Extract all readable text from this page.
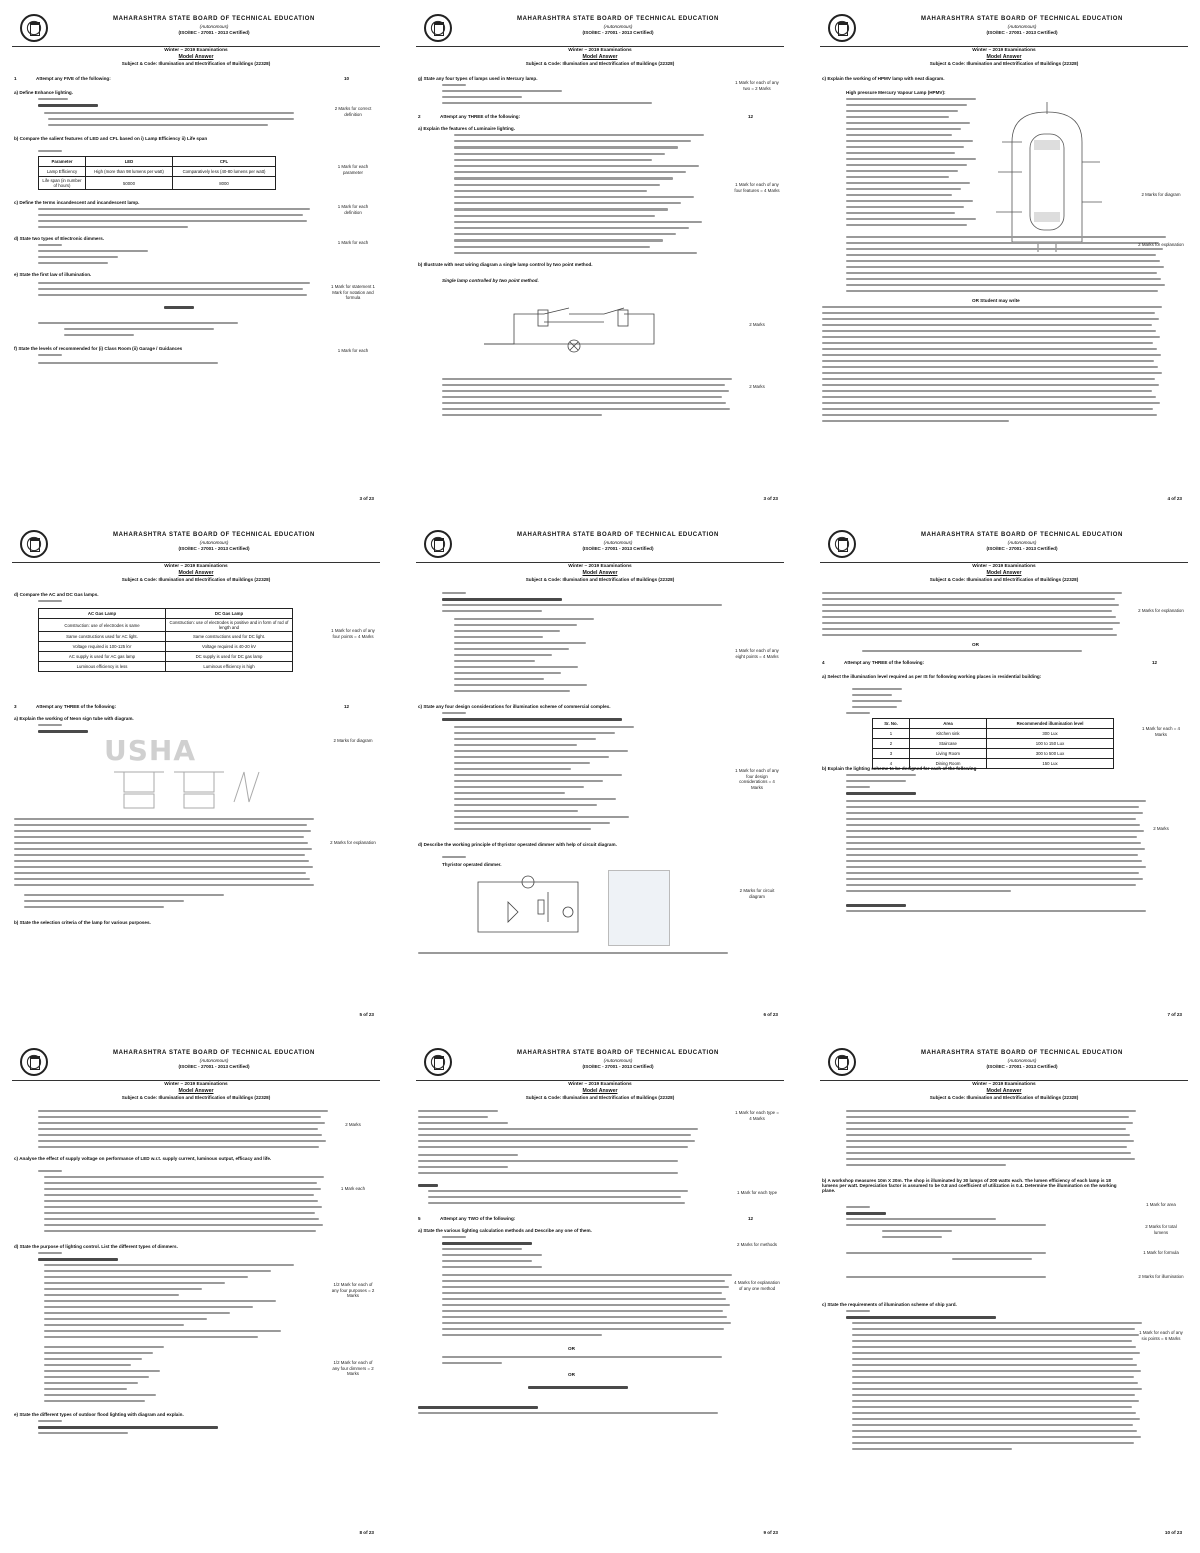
MAHARASHTRA STATE BOARD OF TECHNICAL EDUCATION
(Autonomous)
(ISO/IEC - 27001 - 2013 Certified)
Winter – 2019 Examinations
Model Answer
Subject & Code: Illumination and Electrification of Buildings (22328)
1	Attempt any FIVE of the following:	10
a) Define Enhance lighting.
2 Marks for correct definition
b) Compare the salient features of LED and CFL based on i) Lamp Efficiency ii) Life span
Parameter	LED	CFL
Lamp Efficiency	High (more than 98 lumens per watt)	Comparatively less (40-80 lumens per watt)
Life span (in number of hours)	50000	8000
1 Mark for each parameter
c) Define the terms incandescent and incandescent lamp.
1 Mark for each definition
d) State two types of Electronic dimmers.
1 Mark for each
e) State the first law of illumination.
1 Mark for statement 1 Mark for notation and formula
f) State the levels of recommended for (i) Class Room (ii) Garage / Guidances	1 Mark for each
3 of 23
MAHARASHTRA STATE BOARD OF TECHNICAL EDUCATION
(Autonomous)
(ISO/IEC - 27001 - 2013 Certified)
Winter – 2019 Examinations
Model Answer
Subject & Code: Illumination and Electrification of Buildings (22328)
g) State any four types of lamps used in Mercury lamp.
1 Mark for each of any two = 2 Marks
2	Attempt any THREE of the following:	12
a) Explain the features of Luminaire lighting.
1 Mark for each of any four features = 4 Marks
b) Illustrate with neat wiring diagram a single lamp control by two point method.
Single lamp controlled by two point method.
2 Marks
2 Marks
3 of 23
MAHARASHTRA STATE BOARD OF TECHNICAL EDUCATION
(Autonomous)
(ISO/IEC - 27001 - 2013 Certified)
Winter – 2019 Examinations
Model Answer
Subject & Code: Illumination and Electrification of Buildings (22328)
c) Explain the working of HPMV lamp with neat diagram.
High pressure Mercury Vapour Lamp (HPMV):
2 Marks for diagram
2 Marks for explanation
OR Student may write
4 of 23
MAHARASHTRA STATE BOARD OF TECHNICAL EDUCATION
(Autonomous)
(ISO/IEC - 27001 - 2013 Certified)
Winter – 2019 Examinations
Model Answer
Subject & Code: Illumination and Electrification of Buildings (22328)
d) Compare the AC and DC Gas lamps.
AC Gas Lamp	DC Gas Lamp
Construction: use of electrodes is same	Construction: use of electrodes is positive and in form of rod of length and
Same constructions used for AC light.	Same constructions used for DC light.
Voltage required is 100-125 kV	Voltage required is 40-20 kV
AC supply is used for AC gas lamp	DC supply is used for DC gas lamp
Luminous efficiency is less	Luminous efficiency is high
1 Mark for each of any four points = 4 Marks
3	Attempt any THREE of the following:	12
a) Explain the working of Neon sign tube with diagram.
USHA	2 Marks for diagram
2 Marks for explanation
b) State the selection criteria of the lamp for various purposes.
5 of 23
MAHARASHTRA STATE BOARD OF TECHNICAL EDUCATION
(Autonomous)
(ISO/IEC - 27001 - 2013 Certified)
Winter – 2019 Examinations
Model Answer
Subject & Code: Illumination and Electrification of Buildings (22328)
1 Mark for each of any eight points = 4 Marks
c) State any four design considerations for illumination scheme of commercial complex.
1 Mark for each of any four design considerations = 4 Marks
d) Describe the working principle of thyristor operated dimmer with help of circuit diagram.
Thyristor operated dimmer.
2 Marks for circuit diagram
6 of 23
MAHARASHTRA STATE BOARD OF TECHNICAL EDUCATION
(Autonomous)
(ISO/IEC - 27001 - 2013 Certified)
Winter – 2019 Examinations
Model Answer
Subject & Code: Illumination and Electrification of Buildings (22328)
2 Marks for explanation
OR
4	Attempt any THREE of the following:	12
a) Select the illumination level required as per IS for following working places in residential building:
Sr. No.	Area	Recommended illumination level
1	Kitchen sink	300 Lux
2	Staircase	100 to 150 Lux
3	Living Room	300 to 500 Lux
4	Dining Room	150 Lux
1 Mark for each = 4 Marks
b) Explain the lighting scheme to be designed for each of the following
2 Marks
7 of 23
MAHARASHTRA STATE BOARD OF TECHNICAL EDUCATION
(Autonomous)
(ISO/IEC - 27001 - 2013 Certified)
Winter – 2019 Examinations
Model Answer
Subject & Code: Illumination and Electrification of Buildings (22328)
2 Marks
c) Analyse the effect of supply voltage on performance of LED w.r.t. supply current, luminous output, efficacy and life.
1 Mark each
d) State the purpose of lighting control. List the different types of dimmers.
1/2 Mark for each of any four purposes = 2 Marks
1/2 Mark for each of any four dimmers = 2 Marks
e) State the different types of outdoor flood lighting with diagram and explain.
8 of 23
MAHARASHTRA STATE BOARD OF TECHNICAL EDUCATION
(Autonomous)
(ISO/IEC - 27001 - 2013 Certified)
Winter – 2019 Examinations
Model Answer
Subject & Code: Illumination and Electrification of Buildings (22328)
1 Mark for each type = 4 Marks
1 Mark for each type
5	Attempt any TWO of the following:	12
a) State the various lighting calculation methods and Describe any one of them.
2 Marks for methods
4 Marks for explanation of any one method
OR
OR
9 of 23
MAHARASHTRA STATE BOARD OF TECHNICAL EDUCATION
(Autonomous)
(ISO/IEC - 27001 - 2013 Certified)
Winter – 2019 Examinations
Model Answer
Subject & Code: Illumination and Electrification of Buildings (22328)
b) A workshop measures 10m X 20m. The shop is illuminated by 30 lamps of 200 watts each. The lumen efficiency of each lamp is 18 lumens per watt. Depreciation factor is assumed to be 0.8 and coefficient of utilization is 0.4. Determine the illumination on the working plane.
1 Mark for area
2 Marks for total lumens
1 Mark for formula
2 Marks for illumination
c) State the requirements of illumination scheme of ship yard.
1 Mark for each of any six points = 6 Marks
10 of 23
